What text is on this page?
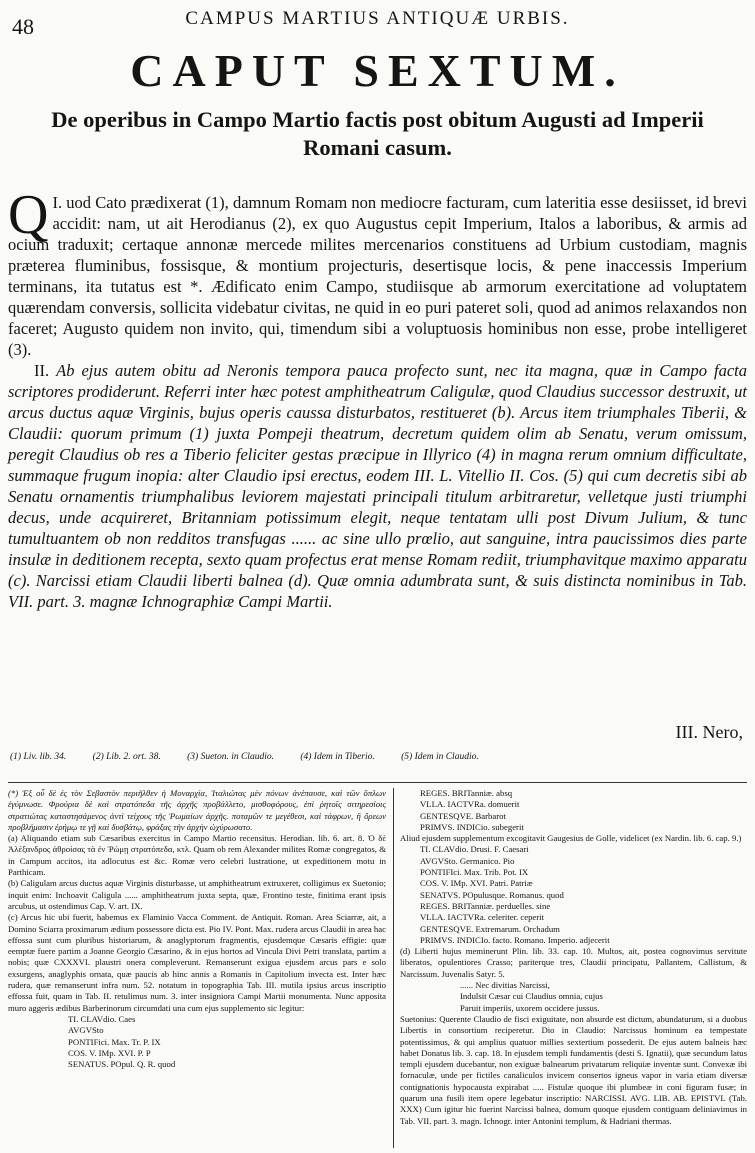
48	CAMPUS MARTIUS ANTIQUÆ URBIS.
CAPUT SEXTUM.
De operibus in Campo Martio factis post obitum Augusti ad Imperii Romani casum.

I.
Q uod Cato prædixerat (1), damnum Romam non mediocre facturam, cum lateritia esse desiisset, id brevi accidit: nam, ut ait Herodianus (2), ex quo Augustus cepit Imperium, Italos a laboribus, & armis ad ocium traduxit; certaque annonæ mercede milites mercenarios constituens ad Urbium custodiam, magnis præterea fluminibus, fossisque, & montium projecturis, desertisque locis, & pene inaccessis Imperium terminans, ita tutatus est *. Ædificato enim Campo, studiisque ab armorum exercitatione ad voluptatem quærendam conversis, sollicita videbatur civitas, ne quid in eo puri pateret soli, quod ad animos relaxandos non faceret; Augusto quidem non invito, qui, timendum sibi a voluptuosis hominibus non esse, probe intelligeret (3).

II. Ab ejus autem obitu ad Neronis tempora pauca profecto sunt, nec ita magna, quæ in Campo facta scriptores prodiderunt. Referri inter hæc potest amphitheatrum Caligulæ, quod Claudius successor destruxit, ut arcus ductus aquæ Virginis, bujus operis caussa disturbatos, restitueret (b). Arcus item triumphales Tiberii, & Claudii: quorum primum (1) juxta Pompeji theatrum, decretum quidem olim ab Senatu, verum omissum, peregit Claudius ob res a Tiberio feliciter gestas præcipue in Illyrico (4) in magna rerum omnium difficultate, summaque frugum inopia: alter Claudio ipsi erectus, eodem III. L. Vitellio II. Cos. (5) qui cum decretis sibi ab Senatu ornamentis triumphalibus leviorem majestati principali titulum arbitraretur, velletque justi triumphi decus, unde acquireret, Britanniam potissimum elegit, neque tentatam ulli post Divum Julium, & tunc tumultuantem ob non redditos transfugas ...... ac sine ullo prœlio, aut sanguine, intra paucissimos dies parte insulæ in deditionem recepta, sexto quam profectus erat mense Romam rediit, triumphavitque maximo apparatu (c). Narcissi etiam Claudii liberti balnea (d). Quæ omnia adumbrata sunt, & suis distincta nominibus in Tab. VII. part. 3. magnæ Ichnographiæ Campi Martii.

III. Nero,
(1) Liv. lib. 34.	(2) Lib. 2. ort. 38.	(3) Sueton. in Claudio.	(4) Idem in Tiberio.	(5) Idem in Claudio.

(*) Ἐξ οὗ δὲ ἐς τὸν Σεβαστὸν περιῆλθεν ἡ Μοναρχία, Ἰταλιώτας μὲν πόνων ἀνέπαυσε, καὶ τῶν ὅπλων ἐγύμνωσε. Φρούρια δὲ καὶ στρατόπεδα τῆς ἀρχῆς προβάλλετο, μισθοφόρους, ἐπὶ ῥητοῖς σιτηρεσίοις στρατιώτας καταστησάμενος ἀντὶ τείχους τῆς Ῥωμαίων ἀρχῆς. ποταμῶν τε μεγέθεσι, καὶ τάφρων, ἢ ὄρεων προβλήμασιν ἐρήμῳ τε γῇ καὶ δυσβάτῳ, φράξας τὴν ἀρχὴν ὠχύρωσατο.

(a) Aliquando etiam sub Cæsaribus exercitus in Campo Martio recensitus. Herodian. lib. 6. art. 8. Ὁ δὲ Ἀλέξανδρος ἀθροίσας τὰ ἐν Ῥώμῃ στρατόπεδα, κτλ. Quam ob rem Alexander milites Romæ congregatos, & in Campum accitos, ita adlocutus est &c. Romæ vero celebri lustratione, ut expeditionem motu in Parthicam.

(b) Caligulam arcus ductus aquæ Virginis disturbasse, ut amphitheatrum extruxeret, colligimus ex Suetonio; inquit enim: Inchoavit Caligula ...... amphitheatrum juxta septa, quæ, Frontino teste, finitima erant ipsis arcubus, ut ostendimus Cap. V. art. IX.

(c) Arcus hic ubi fuerit, habemus ex Flaminio Vacca Comment. de Antiquit. Roman. Area Sciarræ, ait, a Domino Sciarra proximarum ædium possessore dicta est. Pio IV. Pont. Max. rudera arcus Claudii in area hac effossa sunt cum pluribus historiarum, & anaglyptorum fragmentis, ejusdemque Cæsaris effigie: quæ eemptæ fuere partim a Joanne Georgio Cæsarino, & in ejus hortos ad Vincula Divi Petri translata, partim a nobis; quæ CXXXVI. plaustri onera compleverunt. Remanserunt exigua ejusdem arcus pars e solo exsurgens, anaglyphis ornata, quæ paucis ab hinc annis a Romanis in Capitolium invecta est. Inter hæc rudera, quæ remanserunt infra num. 52. notatum in topographia Tab. III. mutila ipsius arcus inscriptio effossa fuit, quam in Tab. II. retulimus num. 3. inter insigniora Campi Martii monumenta. Nunc apposita muro aggeris ædibus Barberinorum circumdati una cum ejus supplemento sic legitur:

TI. CLAVdio. Caes

AVGVSto

PONTIFici. Max. Tr. P. IX

COS. V. IMp. XVI. P. P

SENATUS. POpul. Q. R. quod

REGES. BRITanniæ. absq

VLLA. IACTVRa. domuerit

GENTESQVE. Barbarot

PRIMVS. INDICio. subegerit

Aliud ejusdem supplementum excogitavit Gaugesius de Golle, videlicet (ex Nardin. lib. 6. cap. 9.)

TI. CLAVdio. Drusi. F. Caesari

AVGVSto. Germanico. Pio

PONTIFIci. Max. Trib. Pot. IX

COS. V. IMp. XVI. Patri. Patriæ

SENATVS. POpulusque. Romanus. quod

REGES. BRITanniæ. perduelles. sine

VLLA. IACTVRa. celeriter. ceperit

GENTESQVE. Extremarum. Orchadum

PRIMVS. INDICIo. facto. Romano. Imperio. adjecerit

(d) Liberti hujus meminerunt Plin. lib. 33. cap. 10. Multos, ait, postea cognovimus servitute liberatos, opulentiores Crasso; pariterque tres, Claudii principatu, Pallantem, Callistum, & Narcissum. Juvenalis Satyr. 5.

...... Nec divitias Narcissi,

Indulsit Cæsar cui Claudius omnia, cujus

Paruit imperiis, uxorem occidere jussus.

Suetonius: Querente Claudio de fisci exiguitate, non absurde est dictum, abundaturum, si a duobus Libertis in consortium reciperetur. Dio in Claudio: Narcissus hominum ea tempestate potentissimus, & qui amplius quatuor millies sextertium possederit. De ejus autem balneis hæc habet Donatus lib. 3. cap. 18. In ejusdem templi fundamentis (desti S. Ignatii), quæ secundum latus templi ejusdem ducebantur, non exiguæ balnearum privatarum reliquiæ inventæ sunt. Convexæ ibi fornaculæ, unde per fictiles canaliculos invicem consertos igneus vapor in varia etiam diversæ contignationis hypocausta expirabat ..... Fistulæ quoque ibi plumbeæ in coni figuram fusæ; in quarum una fusili item opere legebatur inscriptio: NARCISSI. AVG. LIB. AB. EPISTVL (Tab. XXX) Cum igitur hic fuerint Narcissi balnea, domum quoque ejusdem contiguam deliniavimus in Tab. VII. part. 3. magn. Ichnogr. inter Antonini templum, & Hadriani thermas.
